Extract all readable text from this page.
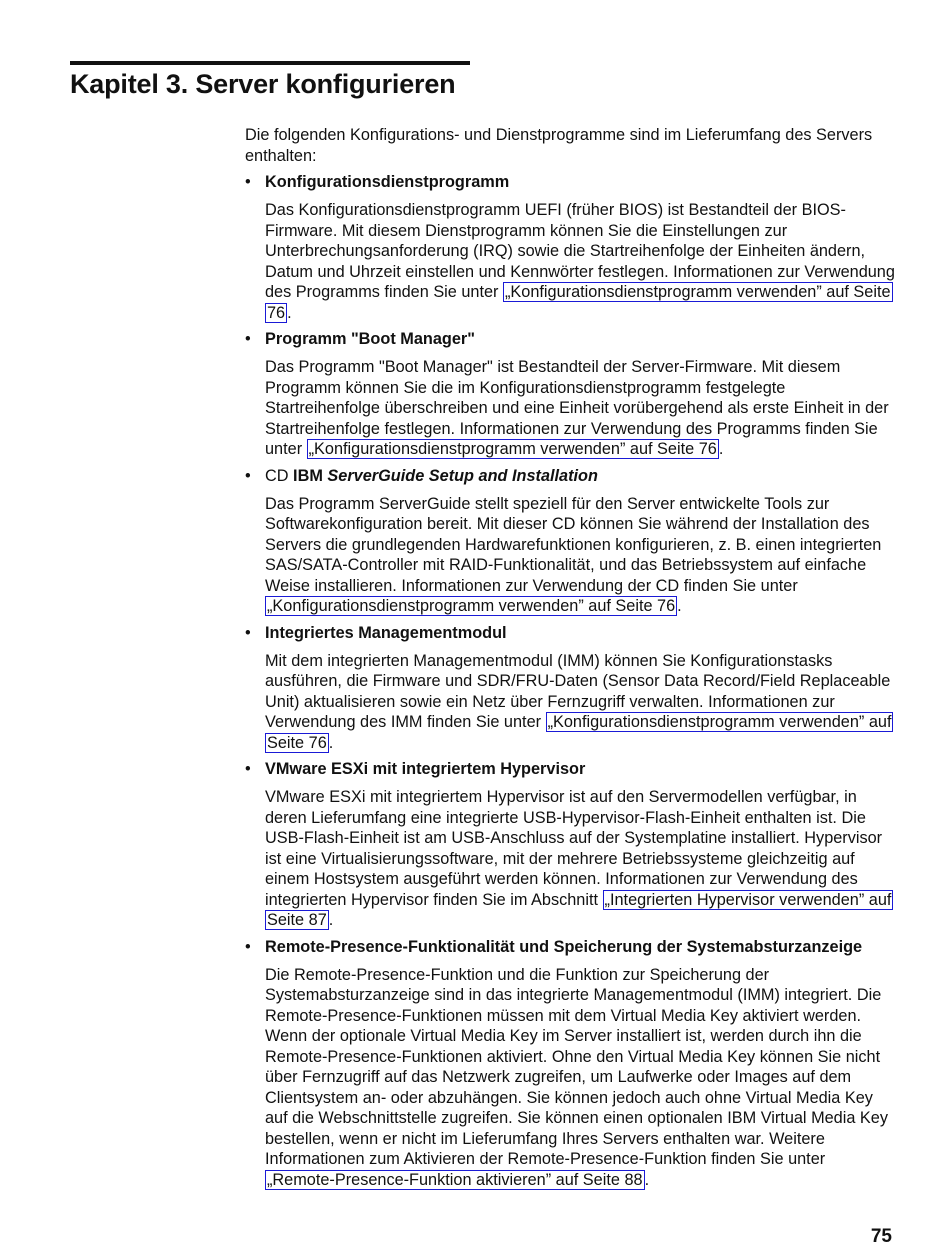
Kapitel 3. Server konfigurieren

Die folgenden Konfigurations- und Dienstprogramme sind im Lieferumfang des Servers enthalten:

• Konfigurationsdienstprogramm

Das Konfigurationsdienstprogramm UEFI (früher BIOS) ist Bestandteil der BIOS-Firmware. Mit diesem Dienstprogramm können Sie die Einstellungen zur Unterbrechungsanforderung (IRQ) sowie die Startreihenfolge der Einheiten ändern, Datum und Uhrzeit einstellen und Kennwörter festlegen. Informationen zur Verwendung des Programms finden Sie unter „Konfigurationsdienstprogramm verwenden” auf Seite 76 .

• Programm "Boot Manager"

Das Programm "Boot Manager" ist Bestandteil der Server-Firmware. Mit diesem Programm können Sie die im Konfigurationsdienstprogramm festgelegte Startreihenfolge überschreiben und eine Einheit vorübergehend als erste Einheit in der Startreihenfolge festlegen. Informationen zur Verwendung des Programms finden Sie unter „Konfigurationsdienstprogramm verwenden” auf Seite 76 .

• CD IBM ServerGuide Setup and Installation

Das Programm ServerGuide stellt speziell für den Server entwickelte Tools zur Softwarekonfiguration bereit. Mit dieser CD können Sie während der Installation des Servers die grundlegenden Hardwarefunktionen konfigurieren, z. B. einen integrierten SAS/SATA-Controller mit RAID-Funktionalität, und das Betriebssystem auf einfache Weise installieren. Informationen zur Verwendung der CD finden Sie unter „Konfigurationsdienstprogramm verwenden” auf Seite 76 .

• Integriertes Managementmodul

Mit dem integrierten Managementmodul (IMM) können Sie Konfigurationstasks ausführen, die Firmware und SDR/FRU-Daten (Sensor Data Record/Field Replaceable Unit) aktualisieren sowie ein Netz über Fernzugriff verwalten. Informationen zur Verwendung des IMM finden Sie unter „Konfigurationsdienstprogramm verwenden” auf Seite 76 .

• VMware ESXi mit integriertem Hypervisor

VMware ESXi mit integriertem Hypervisor ist auf den Servermodellen verfügbar, in deren Lieferumfang eine integrierte USB-Hypervisor-Flash-Einheit enthalten ist. Die USB-Flash-Einheit ist am USB-Anschluss auf der Systemplatine installiert. Hypervisor ist eine Virtualisierungssoftware, mit der mehrere Betriebssysteme gleichzeitig auf einem Hostsystem ausgeführt werden können. Informationen zur Verwendung des integrierten Hypervisor finden Sie im Abschnitt „Integrierten Hypervisor verwenden” auf Seite 87 .

• Remote-Presence-Funktionalität und Speicherung der Systemabsturzanzeige

Die Remote-Presence-Funktion und die Funktion zur Speicherung der Systemabsturzanzeige sind in das integrierte Managementmodul (IMM) integriert. Die Remote-Presence-Funktionen müssen mit dem Virtual Media Key aktiviert werden. Wenn der optionale Virtual Media Key im Server installiert ist, werden durch ihn die Remote-Presence-Funktionen aktiviert. Ohne den Virtual Media Key können Sie nicht über Fernzugriff auf das Netzwerk zugreifen, um Laufwerke oder Images auf dem Clientsystem an- oder abzuhängen. Sie können jedoch auch ohne Virtual Media Key auf die Webschnittstelle zugreifen. Sie können einen optionalen IBM Virtual Media Key bestellen, wenn er nicht im Lieferumfang Ihres Servers enthalten war. Weitere Informationen zum Aktivieren der Remote-Presence-Funktion finden Sie unter „Remote-Presence-Funktion aktivieren” auf Seite 88 .

75
